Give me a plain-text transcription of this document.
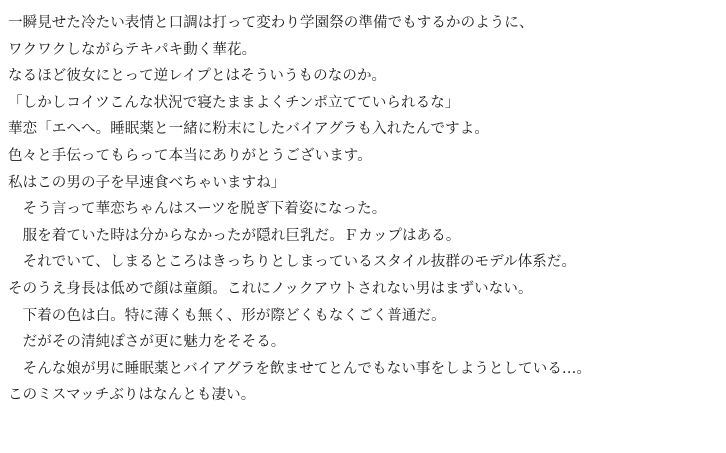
一瞬見せた冷たい表情と口調は打って変わり学園祭の準備でもするかのように、
ワクワクしながらテキパキ動く華花。
なるほど彼女にとって逆レイプとはそういうものなのか。
「しかしコイツこんな状況で寝たままよくチンポ立てていられるな」
華恋「エへへ。睡眠薬と一緒に粉末にしたバイアグラも入れたんですよ。
色々と手伝ってもらって本当にありがとうございます。
私はこの男の子を早速食べちゃいますね」
　そう言って華恋ちゃんはスーツを脱ぎ下着姿になった。
　服を着ていた時は分からなかったが隠れ巨乳だ。Ｆカップはある。
　それでいて、しまるところはきっちりとしまっているスタイル抜群のモデル体系だ。
そのうえ身長は低めで顔は童顔。これにノックアウトされない男はまずいない。
　下着の色は白。特に薄くも無く、形が際どくもなくごく普通だ。
　だがその清純ぽさが更に魅力をそそる。
　そんな娘が男に睡眠薬とバイアグラを飲ませてとんでもない事をしようとしている…。
このミスマッチぶりはなんとも凄い。
